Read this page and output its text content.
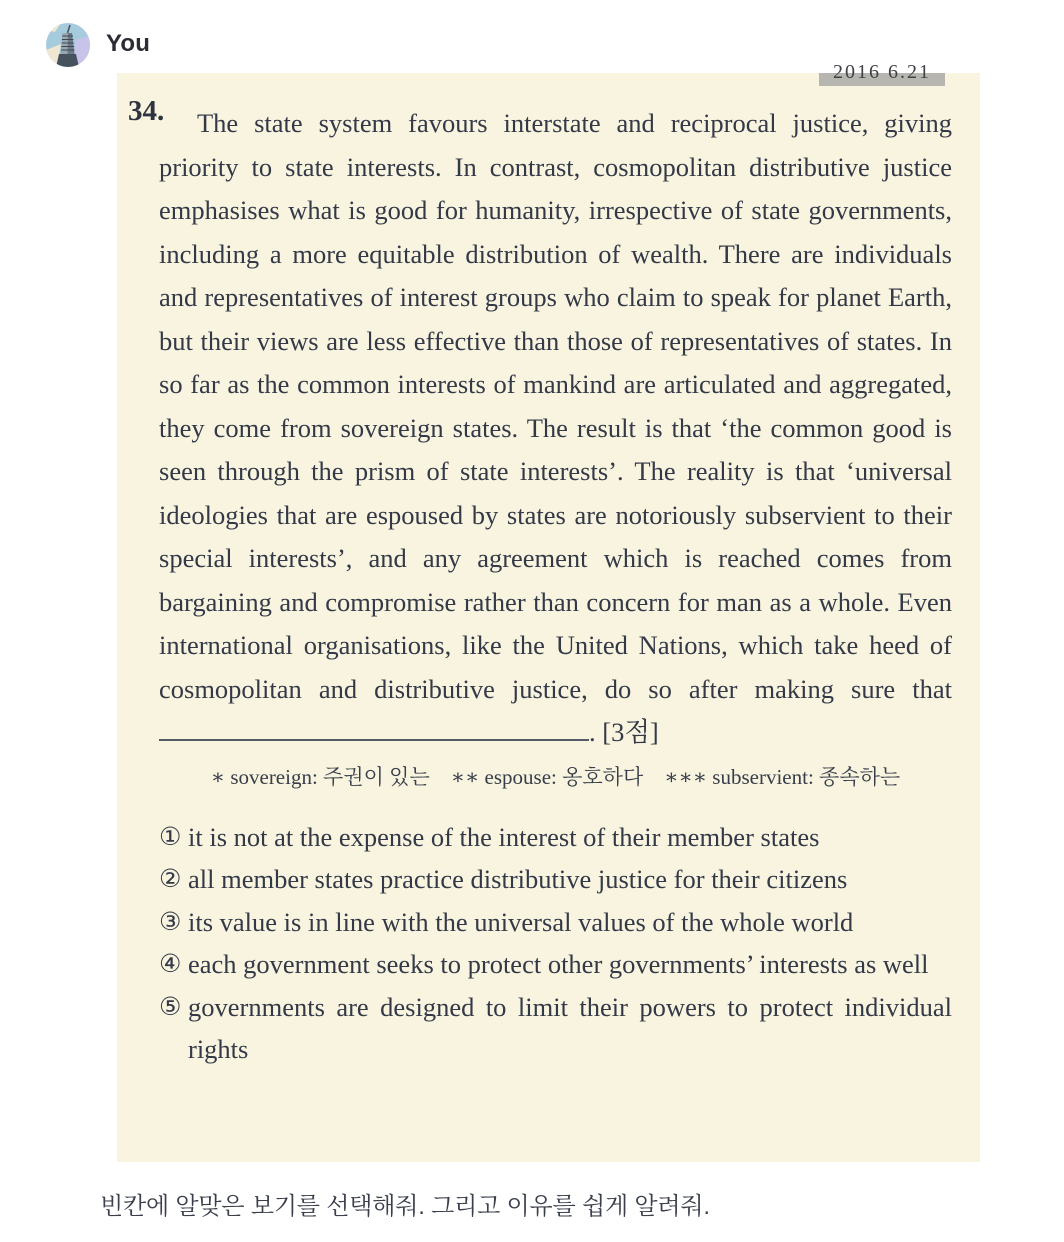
You
2016 6.21
34.	The state system favours interstate and reciprocal justice, giving priority to state interests. In contrast, cosmopolitan distributive justice emphasises what is good for humanity, irrespective of state governments, including a more equitable distribution of wealth. There are individuals and representatives of interest groups who claim to speak for planet Earth, but their views are less effective than those of representatives of states. In so far as the common interests of mankind are articulated and aggregated, they come from sovereign states. The result is that ‘the common good is seen through the prism of state interests’. The reality is that ‘universal ideologies that are espoused by states are notoriously subservient to their special interests’, and any agreement which is reached comes from bargaining and compromise rather than concern for man as a whole. Even international organisations, like the United Nations, which take heed of cosmopolitan and distributive justice, do so after making sure that . [3점]

∗ sovereign: 주권이 있는    ∗∗ espouse: 옹호하다    ∗∗∗ subservient: 종속하는
① it is not at the expense of the interest of their member states
② all member states practice distributive justice for their citizens
③ its value is in line with the universal values of the whole world
④ each government seeks to protect other governments’ interests as well
⑤ governments are designed to limit their powers to protect individual rights
빈칸에 알맞은 보기를 선택해줘. 그리고 이유를 쉽게 알려줘.
